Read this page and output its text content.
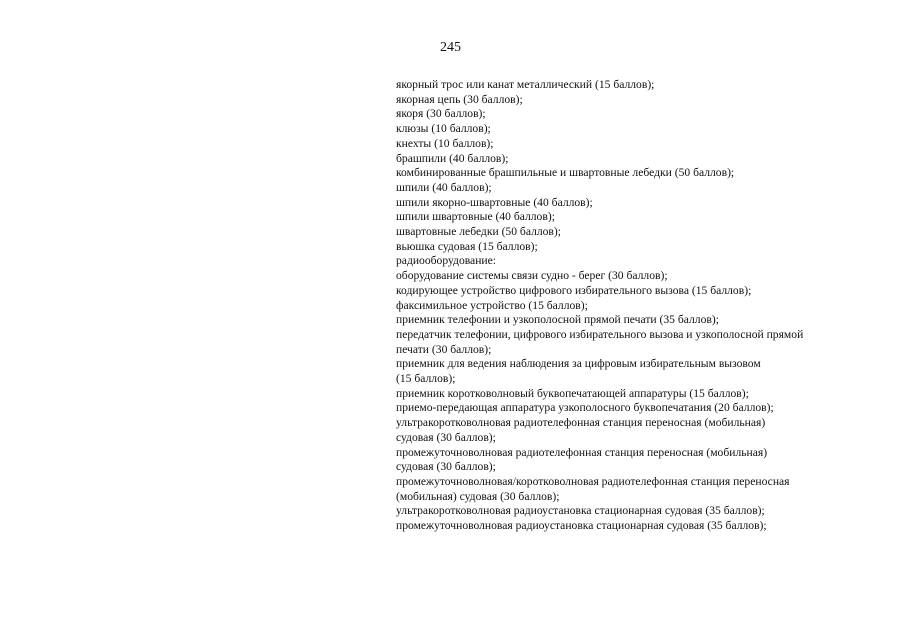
245
якорный трос или канат металлический (15 баллов);
якорная цепь (30 баллов);
якоря (30 баллов);
клюзы (10 баллов);
кнехты (10 баллов);
брашпили (40 баллов);
комбинированные брашпильные и швартовные лебедки (50 баллов);
шпили (40 баллов);
шпили якорно-швартовные (40 баллов);
шпили швартовные (40 баллов);
швартовные лебедки (50 баллов);
вьюшка судовая (15 баллов);
радиооборудование:
оборудование системы связи судно - берег (30 баллов);
кодирующее устройство цифрового избирательного вызова (15 баллов);
факсимильное устройство (15 баллов);
приемник телефонии и узкополосной прямой печати (35 баллов);
передатчик телефонии, цифрового избирательного вызова и узкополосной прямой
печати (30 баллов);
приемник для ведения наблюдения за цифровым избирательным вызовом
(15 баллов);
приемник коротковолновый буквопечатающей аппаратуры (15 баллов);
приемо-передающая аппаратура узкополосного буквопечатания (20 баллов);
ультракоротковолновая радиотелефонная станция переносная (мобильная)
судовая (30 баллов);
промежуточноволновая радиотелефонная станция переносная (мобильная)
судовая (30 баллов);
промежуточноволновая/коротковолновая радиотелефонная станция переносная
(мобильная) судовая (30 баллов);
ультракоротковолновая радиоустановка стационарная судовая (35 баллов);
промежуточноволновая радиоустановка стационарная судовая (35 баллов);
